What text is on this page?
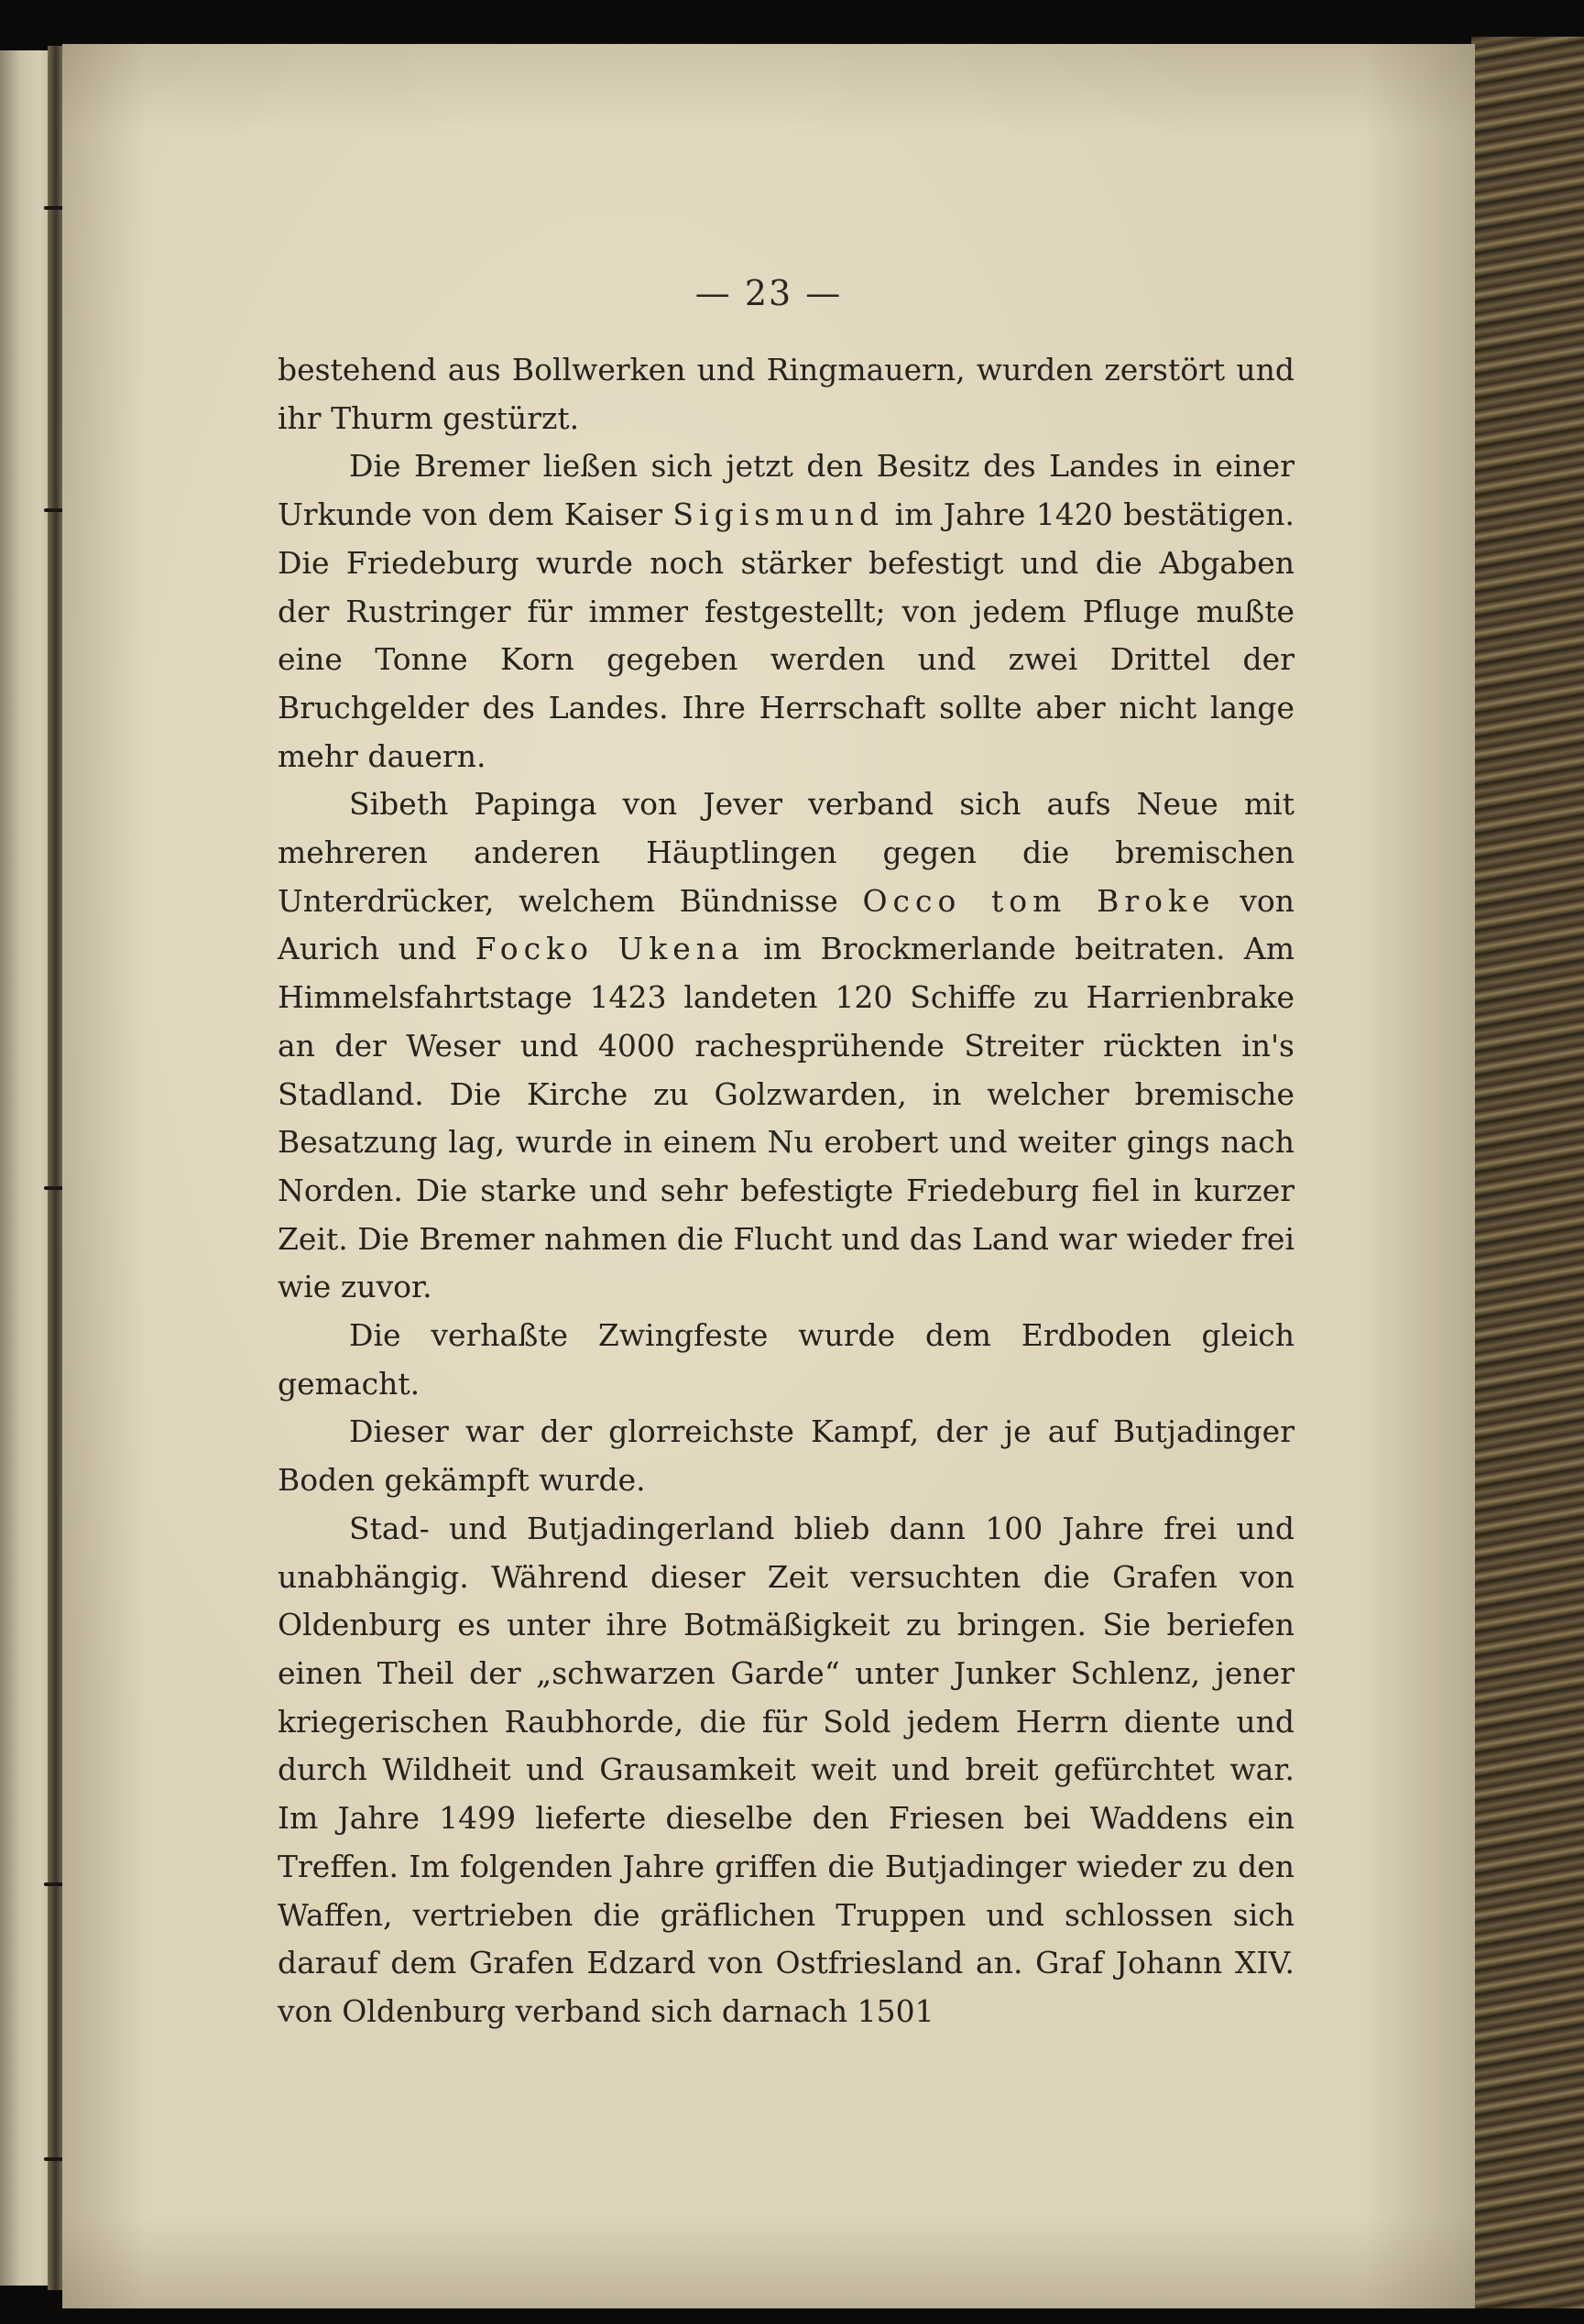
— 23 —

bestehend aus Bollwerken und Ringmauern, wurden zerstört und ihr Thurm gestürzt.

Die Bremer ließen sich jetzt den Besitz des Landes in einer Urkunde von dem Kaiser Sigismund im Jahre 1420 bestätigen. Die Friedeburg wurde noch stärker befestigt und die Abgaben der Rustringer für immer festgestellt; von jedem Pfluge mußte eine Tonne Korn gegeben werden und zwei Drittel der Bruchgelder des Landes. Ihre Herrschaft sollte aber nicht lange mehr dauern.

Sibeth Papinga von Jever verband sich aufs Neue mit mehreren anderen Häuptlingen gegen die bremischen Unterdrücker, welchem Bündnisse Occo tom Broke von Aurich und Focko Ukena im Brockmerlande beitraten. Am Himmelsfahrtstage 1423 landeten 120 Schiffe zu Harrienbrake an der Weser und 4000 rachesprühende Streiter rückten in's Stadland. Die Kirche zu Golzwarden, in welcher bremische Besatzung lag, wurde in einem Nu erobert und weiter gings nach Norden. Die starke und sehr befestigte Friedeburg fiel in kurzer Zeit. Die Bremer nahmen die Flucht und das Land war wieder frei wie zuvor.

Die verhaßte Zwingfeste wurde dem Erdboden gleich gemacht.

Dieser war der glorreichste Kampf, der je auf Butjadinger Boden gekämpft wurde.

Stad- und Butjadingerland blieb dann 100 Jahre frei und unabhängig. Während dieser Zeit versuchten die Grafen von Oldenburg es unter ihre Botmäßigkeit zu bringen. Sie beriefen einen Theil der „schwarzen Garde“ unter Junker Schlenz, jener kriegerischen Raubhorde, die für Sold jedem Herrn diente und durch Wildheit und Grausamkeit weit und breit gefürchtet war. Im Jahre 1499 lieferte dieselbe den Friesen bei Waddens ein Treffen. Im folgenden Jahre griffen die Butjadinger wieder zu den Waffen, vertrieben die gräflichen Truppen und schlossen sich darauf dem Grafen Edzard von Ostfriesland an. Graf Johann XIV. von Oldenburg verband sich darnach 1501
